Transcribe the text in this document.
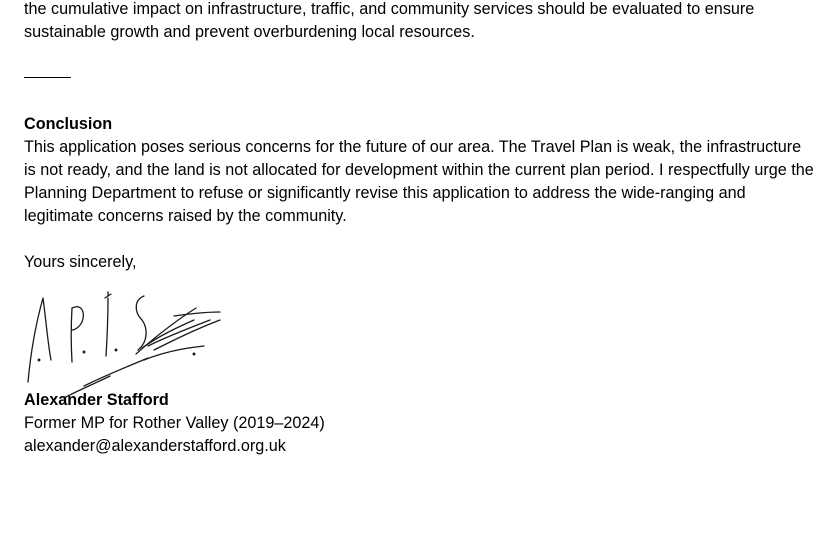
the cumulative impact on infrastructure, traffic, and community services should be evaluated to ensure sustainable growth and prevent overburdening local resources.

Conclusion

This application poses serious concerns for the future of our area. The Travel Plan is weak, the infrastructure is not ready, and the land is not allocated for development within the current plan period. I respectfully urge the Planning Department to refuse or significantly revise this application to address the wide-ranging and legitimate concerns raised by the community.

Yours sincerely,

Alexander Stafford
Former MP for Rother Valley (2019–2024)
alexander@alexanderstafford.org.uk
